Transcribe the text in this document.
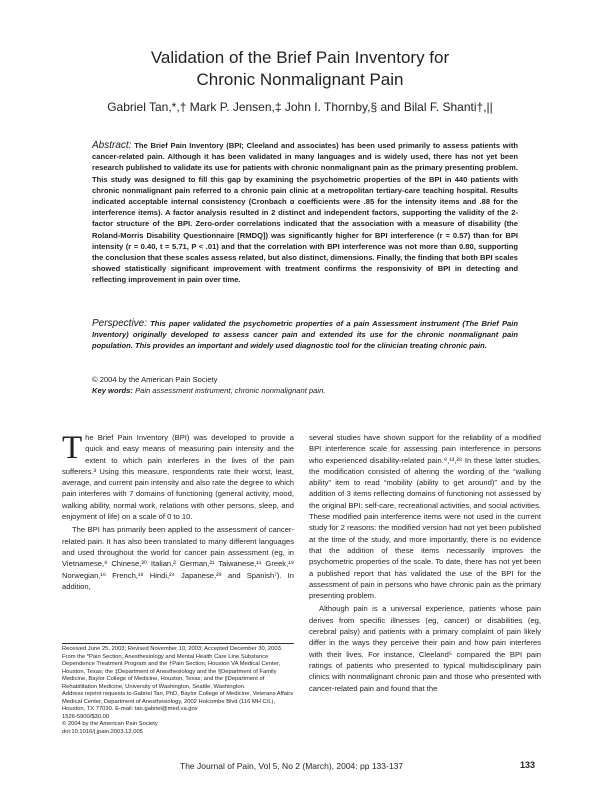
Validation of the Brief Pain Inventory for
Chronic Nonmalignant Pain
Gabriel Tan,*,† Mark P. Jensen,‡ John I. Thornby,§ and Bilal F. Shanti†,||
Abstract: The Brief Pain Inventory (BPI; Cleeland and associates) has been used primarily to assess patients with cancer-related pain. Although it has been validated in many languages and is widely used, there has not yet been research published to validate its use for patients with chronic nonmalignant pain as the primary presenting problem. This study was designed to fill this gap by examining the psychometric properties of the BPI in 440 patients with chronic nonmalignant pain referred to a chronic pain clinic at a metropolitan tertiary-care teaching hospital. Results indicated acceptable internal consistency (Cronbach α coefficients were .85 for the intensity items and .88 for the interference items). A factor analysis resulted in 2 distinct and independent factors, supporting the validity of the 2-factor structure of the BPI. Zero-order correlations indicated that the association with a measure of disability (the Roland-Morris Disability Questionnaire [RMDQ]) was significantly higher for BPI interference (r = 0.57) than for BPI intensity (r = 0.40, t = 5.71, P < .01) and that the correlation with BPI interference was not more than 0.80, supporting the conclusion that these scales assess related, but also distinct, dimensions. Finally, the finding that both BPI scales showed statistically significant improvement with treatment confirms the responsivity of BPI in detecting and reflecting improvement in pain over time.
Perspective: This paper validated the psychometric properties of a pain Assessment instrument (The Brief Pain Inventory) originally developed to assess cancer pain and extended its use for the chronic nonmalignant pain population. This provides an important and widely used diagnostic tool for the clinician treating chronic pain.
© 2004 by the American Pain Society
Key words: Pain assessment instrument, chronic nonmalignant pain.

The Brief Pain Inventory (BPI) was developed to provide a quick and easy means of measuring pain intensity and the extent to which pain interferes in the lives of the pain sufferers.³ Using this measure, respondents rate their worst, least, average, and current pain intensity and also rate the degree to which pain interferes with 7 domains of functioning (general activity, mood, walking ability, normal work, relations with other persons, sleep, and enjoyment of life) on a scale of 0 to 10.

The BPI has primarily been applied to the assessment of cancer-related pain. It has also been translated to many different languages and used throughout the world for cancer pain assessment (eg, in Vietnamese,⁸ Chinese,³⁰ Italian,² German,²¹ Taiwanese,¹¹ Greek,¹⁹ Norwegian,¹⁶ French,¹⁸ Hindi,²⁴ Japanese,²⁹ and Spanish⁷). In addition,

Received June 25, 2003; Revised November 10, 2003; Accepted December 30, 2003.
From the *Pain Section, Anesthesiology and Mental Health Care Line Substance Dependence Treatment Program and the †Pain Section, Houston VA Medical Center, Houston, Texas; the ‡Department of Anesthesiology and the §Department of Family Medicine, Baylor College of Medicine, Houston, Texas; and the ||Department of Rehabilitation Medicine, University of Washington, Seattle, Washington.
Address reprint requests to Gabriel Tan, PhD, Baylor College of Medicine, Veterans Affairs Medical Center, Department of Anesthesiology, 2002 Holcombe Blvd (116 MH C/L), Houston, TX 77030. E-mail: tan.gabriel@med.va.gov
1526-5900/$30.00
© 2004 by the American Pain Society
doi:10.1016/j.jpain.2003.12.005

several studies have shown support for the reliability of a modified BPI interference scale for assessing pain interference in persons who experienced disability-related pain.⁹,¹³,²⁸ In these latter studies, the modification consisted of altering the wording of the “walking ability” item to read “mobility (ability to get around)” and by the addition of 3 items reflecting domains of functioning not assessed by the original BPI: self-care, recreational activities, and social activities. These modified pain interference items were not used in the current study for 2 reasons: the modified version had not yet been published at the time of the study, and more importantly, there is no evidence that the addition of these items necessarily improves the psychometric properties of the scale. To date, there has not yet been a published report that has validated the use of the BPI for the assessment of pain in persons who have chronic pain as the primary presenting problem.

Although pain is a universal experience, patients whose pain derives from specific illnesses (eg, cancer) or disabilities (eg, cerebral palsy) and patients with a primary complaint of pain likely differ in the ways they perceive their pain and how pain interferes with their lives. For instance, Cleeland⁵ compared the BPI pain ratings of patients who presented to typical multidisciplinary pain clinics with nonmalignant chronic pain and those who presented with cancer-related pain and found that the

The Journal of Pain, Vol 5, No 2 (March), 2004: pp 133-137	133
